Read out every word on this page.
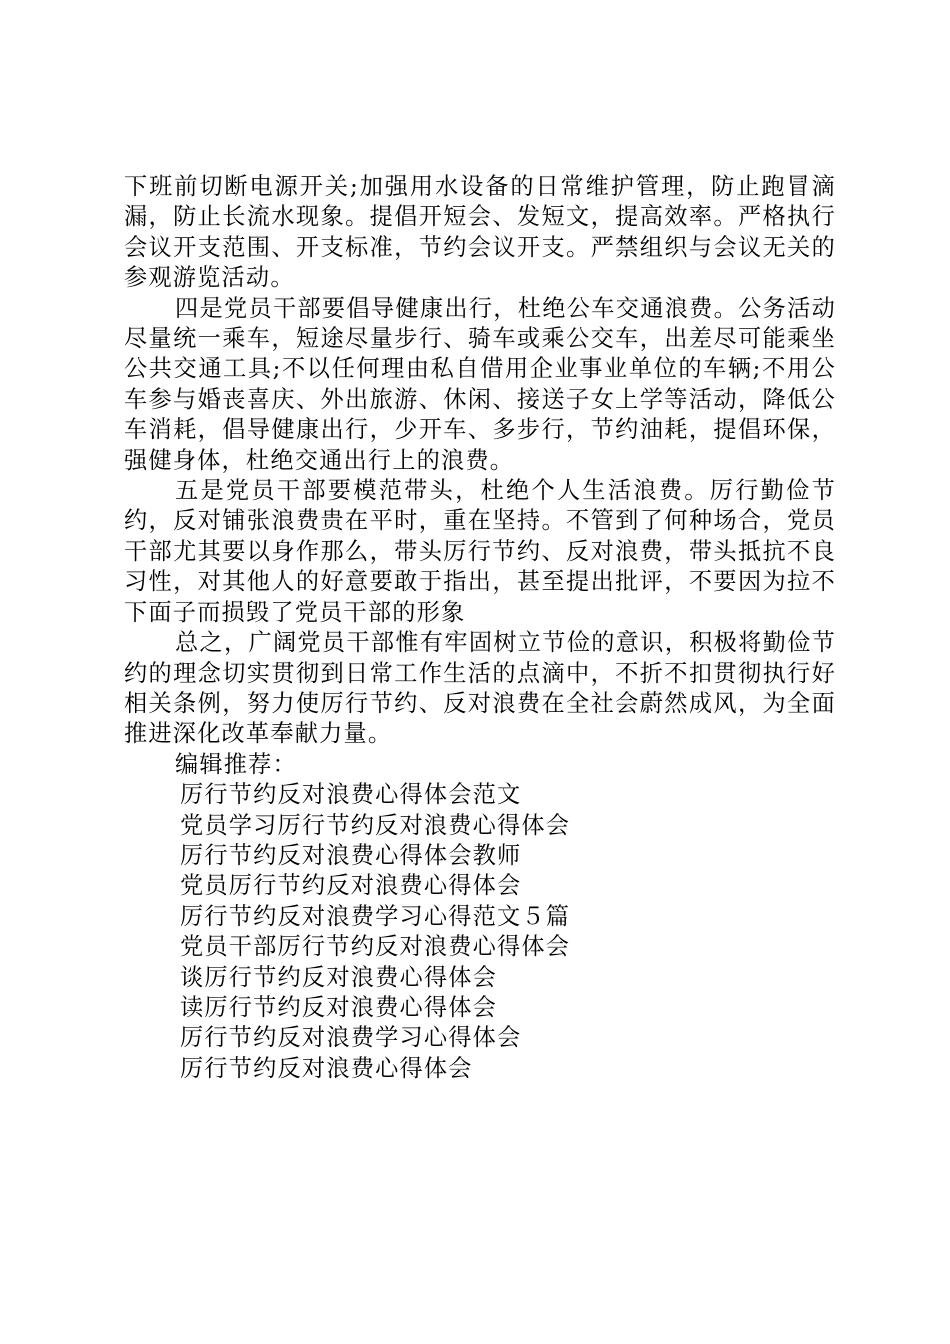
下班前切断电源开关;加强用水设备的日常维护管理，防止跑冒滴漏，防止长流水现象。提倡开短会、发短文，提高效率。严格执行会议开支范围、开支标准，节约会议开支。严禁组织与会议无关的参观游览活动。

四是党员干部要倡导健康出行，杜绝公车交通浪费。公务活动尽量统一乘车，短途尽量步行、骑车或乘公交车，出差尽可能乘坐公共交通工具;不以任何理由私自借用企业事业单位的车辆;不用公车参与婚丧喜庆、外出旅游、休闲、接送子女上学等活动，降低公车消耗，倡导健康出行，少开车、多步行，节约油耗，提倡环保，强健身体，杜绝交通出行上的浪费。

五是党员干部要模范带头，杜绝个人生活浪费。厉行勤俭节约，反对铺张浪费贵在平时，重在坚持。不管到了何种场合，党员干部尤其要以身作那么，带头厉行节约、反对浪费，带头抵抗不良习性，对其他人的好意要敢于指出，甚至提出批评，不要因为拉不下面子而损毁了党员干部的形象

总之，广阔党员干部惟有牢固树立节俭的意识，积极将勤俭节约的理念切实贯彻到日常工作生活的点滴中，不折不扣贯彻执行好相关条例，努力使厉行节约、反对浪费在全社会蔚然成风，为全面推进深化改革奉献力量。

编辑推荐：

厉行节约反对浪费心得体会范文
党员学习厉行节约反对浪费心得体会
厉行节约反对浪费心得体会教师
党员厉行节约反对浪费心得体会
厉行节约反对浪费学习心得范文５篇
党员干部厉行节约反对浪费心得体会
谈厉行节约反对浪费心得体会
读厉行节约反对浪费心得体会
厉行节约反对浪费学习心得体会
厉行节约反对浪费心得体会
